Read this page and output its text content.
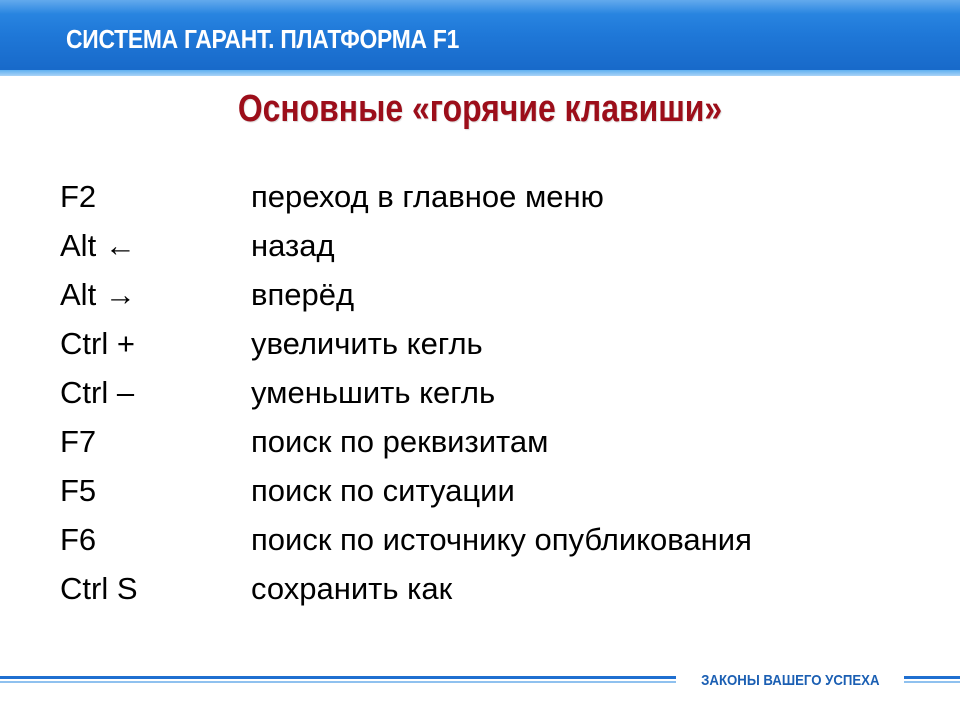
СИСТЕМА ГАРАНТ. ПЛАТФОРМА F1
Основные «горячие клавиши»
F2	переход в главное меню
Alt ←	назад
Alt →	вперёд
Ctrl +	увеличить кегль
Ctrl –	уменьшить кегль
F7	поиск по реквизитам
F5	поиск по ситуации
F6	поиск по источнику опубликования
Ctrl S	сохранить как
ЗАКОНЫ ВАШЕГО УСПЕХА
